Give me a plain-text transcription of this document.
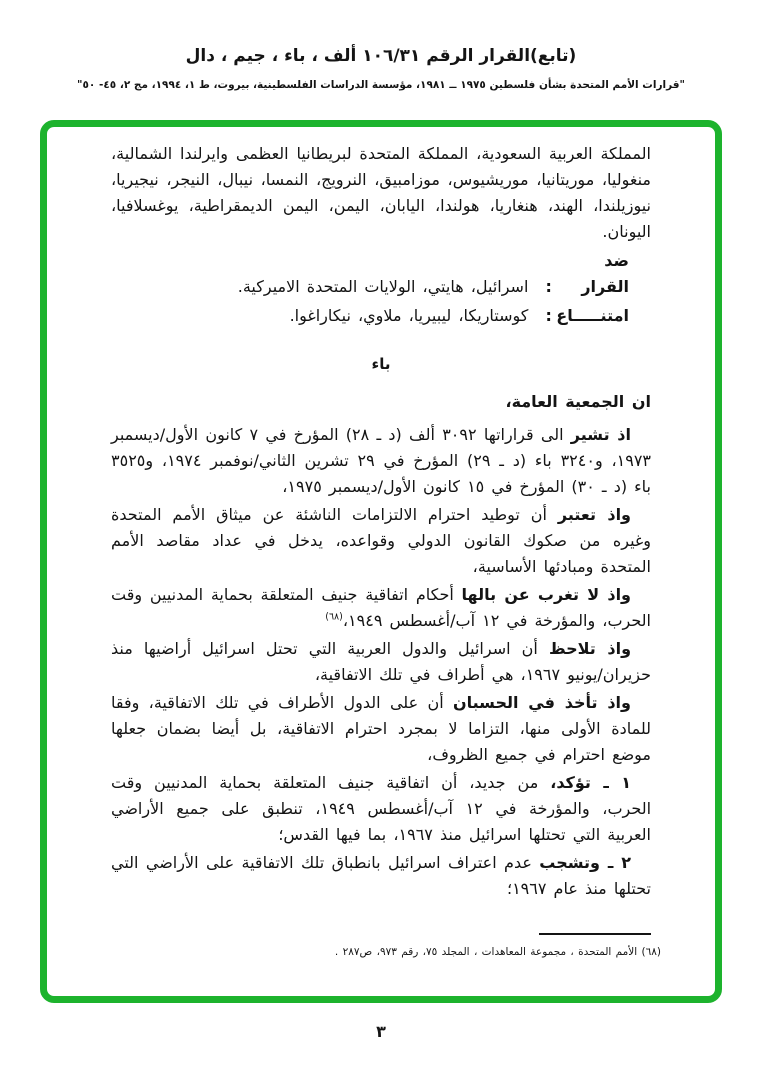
(تابع)القرار الرقم ١٠٦/٣١ ألف ، باء ، جيم ، دال
"قرارات الأمم المتحدة بشأن فلسطين ١٩٧٥ ــ ١٩٨١، مؤسسة الدراسات الفلسطينية، بيروت، ط ١، ١٩٩٤، مج ٢، ٤٥- ٥٠"

المملكة العربية السعودية، المملكة المتحدة لبريطانيا العظمى وايرلندا الشمالية، منغوليا، موريتانيا، موريشيوس، موزامبيق، النرويج، النمسا، نيبال، النيجر، نيجيريا، نيوزيلندا، الهند، هنغاريا، هولندا، اليابان، اليمن، اليمن الديمقراطية، يوغسلافيا، اليونان.

ضد القرار : اسرائيل، هايتي، الولايات المتحدة الاميركية.

امتنـــــاع : كوستاريكا، ليبيريا، ملاوي، نيكاراغوا.

باء

ان الجمعية العامة،

اذ تشير الى قراراتها ٣٠٩٢ ألف (د ـ ٢٨) المؤرخ في ٧ كانون الأول/ديسمبر ١٩٧٣، و٣٢٤٠ باء (د ـ ٢٩) المؤرخ في ٢٩ تشرين الثاني/نوفمبر ١٩٧٤، و٣٥٢٥ باء (د ـ ٣٠) المؤرخ في ١٥ كانون الأول/ديسمبر ١٩٧٥،

واذ تعتبر أن توطيد احترام الالتزامات الناشئة عن ميثاق الأمم المتحدة وغيره من صكوك القانون الدولي وقواعده، يدخل في عداد مقاصد الأمم المتحدة ومبادئها الأساسية،

واذ لا تغرب عن بالها أحكام اتفاقية جنيف المتعلقة بحماية المدنيين وقت الحرب، والمؤرخة في ١٢ آب/أغسطس ١٩٤٩،$^{(٦٨)}$

واذ تلاحظ أن اسرائيل والدول العربية التي تحتل اسرائيل أراضيها منذ حزيران/يونيو ١٩٦٧، هي أطراف في تلك الاتفاقية،

واذ تأخذ في الحسبان أن على الدول الأطراف في تلك الاتفاقية، وفقا للمادة الأولى منها، التزاما لا بمجرد احترام الاتفاقية، بل أيضا بضمان جعلها موضع احترام في جميع الظروف،

١ ـ تؤكد، من جديد، أن اتفاقية جنيف المتعلقة بحماية المدنيين وقت الحرب، والمؤرخة في ١٢ آب/أغسطس ١٩٤٩، تنطبق على جميع الأراضي العربية التي تحتلها اسرائيل منذ ١٩٦٧، بما فيها القدس؛

٢ ـ وتشجب عدم اعتراف اسرائيل بانطباق تلك الاتفاقية على الأراضي التي تحتلها منذ عام ١٩٦٧؛

(٦٨) الأمم المتحدة ، مجموعة المعاهدات ، المجلد ٧٥، رقم ٩٧٣، ص٢٨٧ .
٣
